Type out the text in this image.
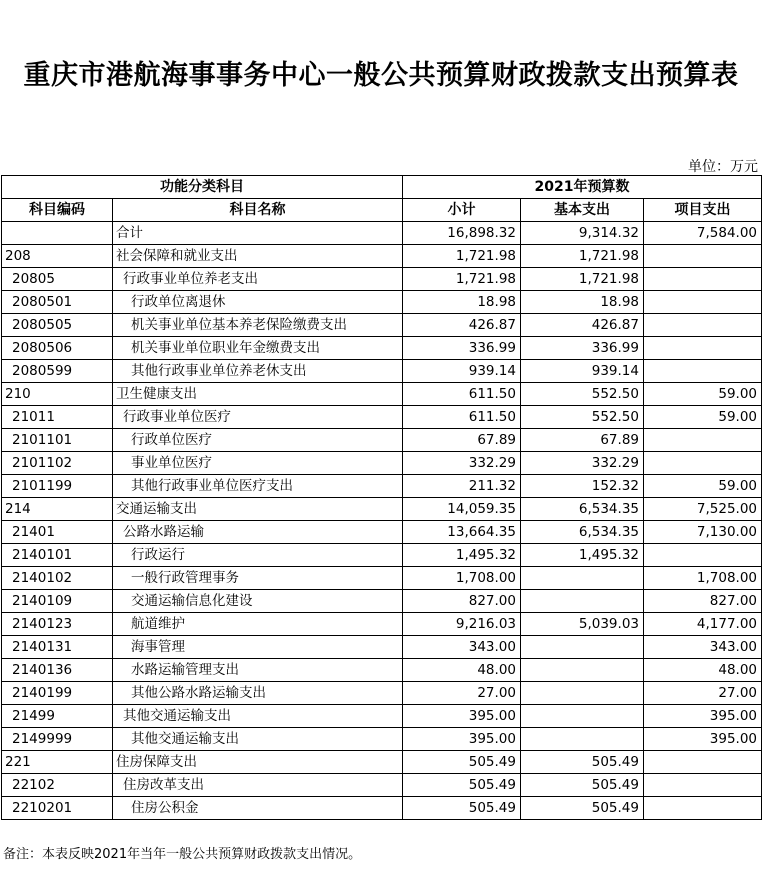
重庆市港航海事事务中心一般公共预算财政拨款支出预算表
单位：万元
功能分类科目		2021年预算数		
科目编码	科目名称	小计	基本支出	项目支出
	合计	16,898.32	9,314.32	7,584.00
208	社会保障和就业支出	1,721.98	1,721.98	
20805	行政事业单位养老支出	1,721.98	1,721.98	
2080501	行政单位离退休	18.98	18.98	
2080505	机关事业单位基本养老保险缴费支出	426.87	426.87	
2080506	机关事业单位职业年金缴费支出	336.99	336.99	
2080599	其他行政事业单位养老休支出	939.14	939.14	
210	卫生健康支出	611.50	552.50	59.00
21011	行政事业单位医疗	611.50	552.50	59.00
2101101	行政单位医疗	67.89	67.89	
2101102	事业单位医疗	332.29	332.29	
2101199	其他行政事业单位医疗支出	211.32	152.32	59.00
214	交通运输支出	14,059.35	6,534.35	7,525.00
21401	公路水路运输	13,664.35	6,534.35	7,130.00
2140101	行政运行	1,495.32	1,495.32	
2140102	一般行政管理事务	1,708.00		1,708.00
2140109	交通运输信息化建设	827.00		827.00
2140123	航道维护	9,216.03	5,039.03	4,177.00
2140131	海事管理	343.00		343.00
2140136	水路运输管理支出	48.00		48.00
2140199	其他公路水路运输支出	27.00		27.00
21499	其他交通运输支出	395.00		395.00
2149999	其他交通运输支出	395.00		395.00
221	住房保障支出	505.49	505.49	
22102	住房改革支出	505.49	505.49	
2210201	住房公积金	505.49	505.49	
备注：本表反映2021年当年一般公共预算财政拨款支出情况。
